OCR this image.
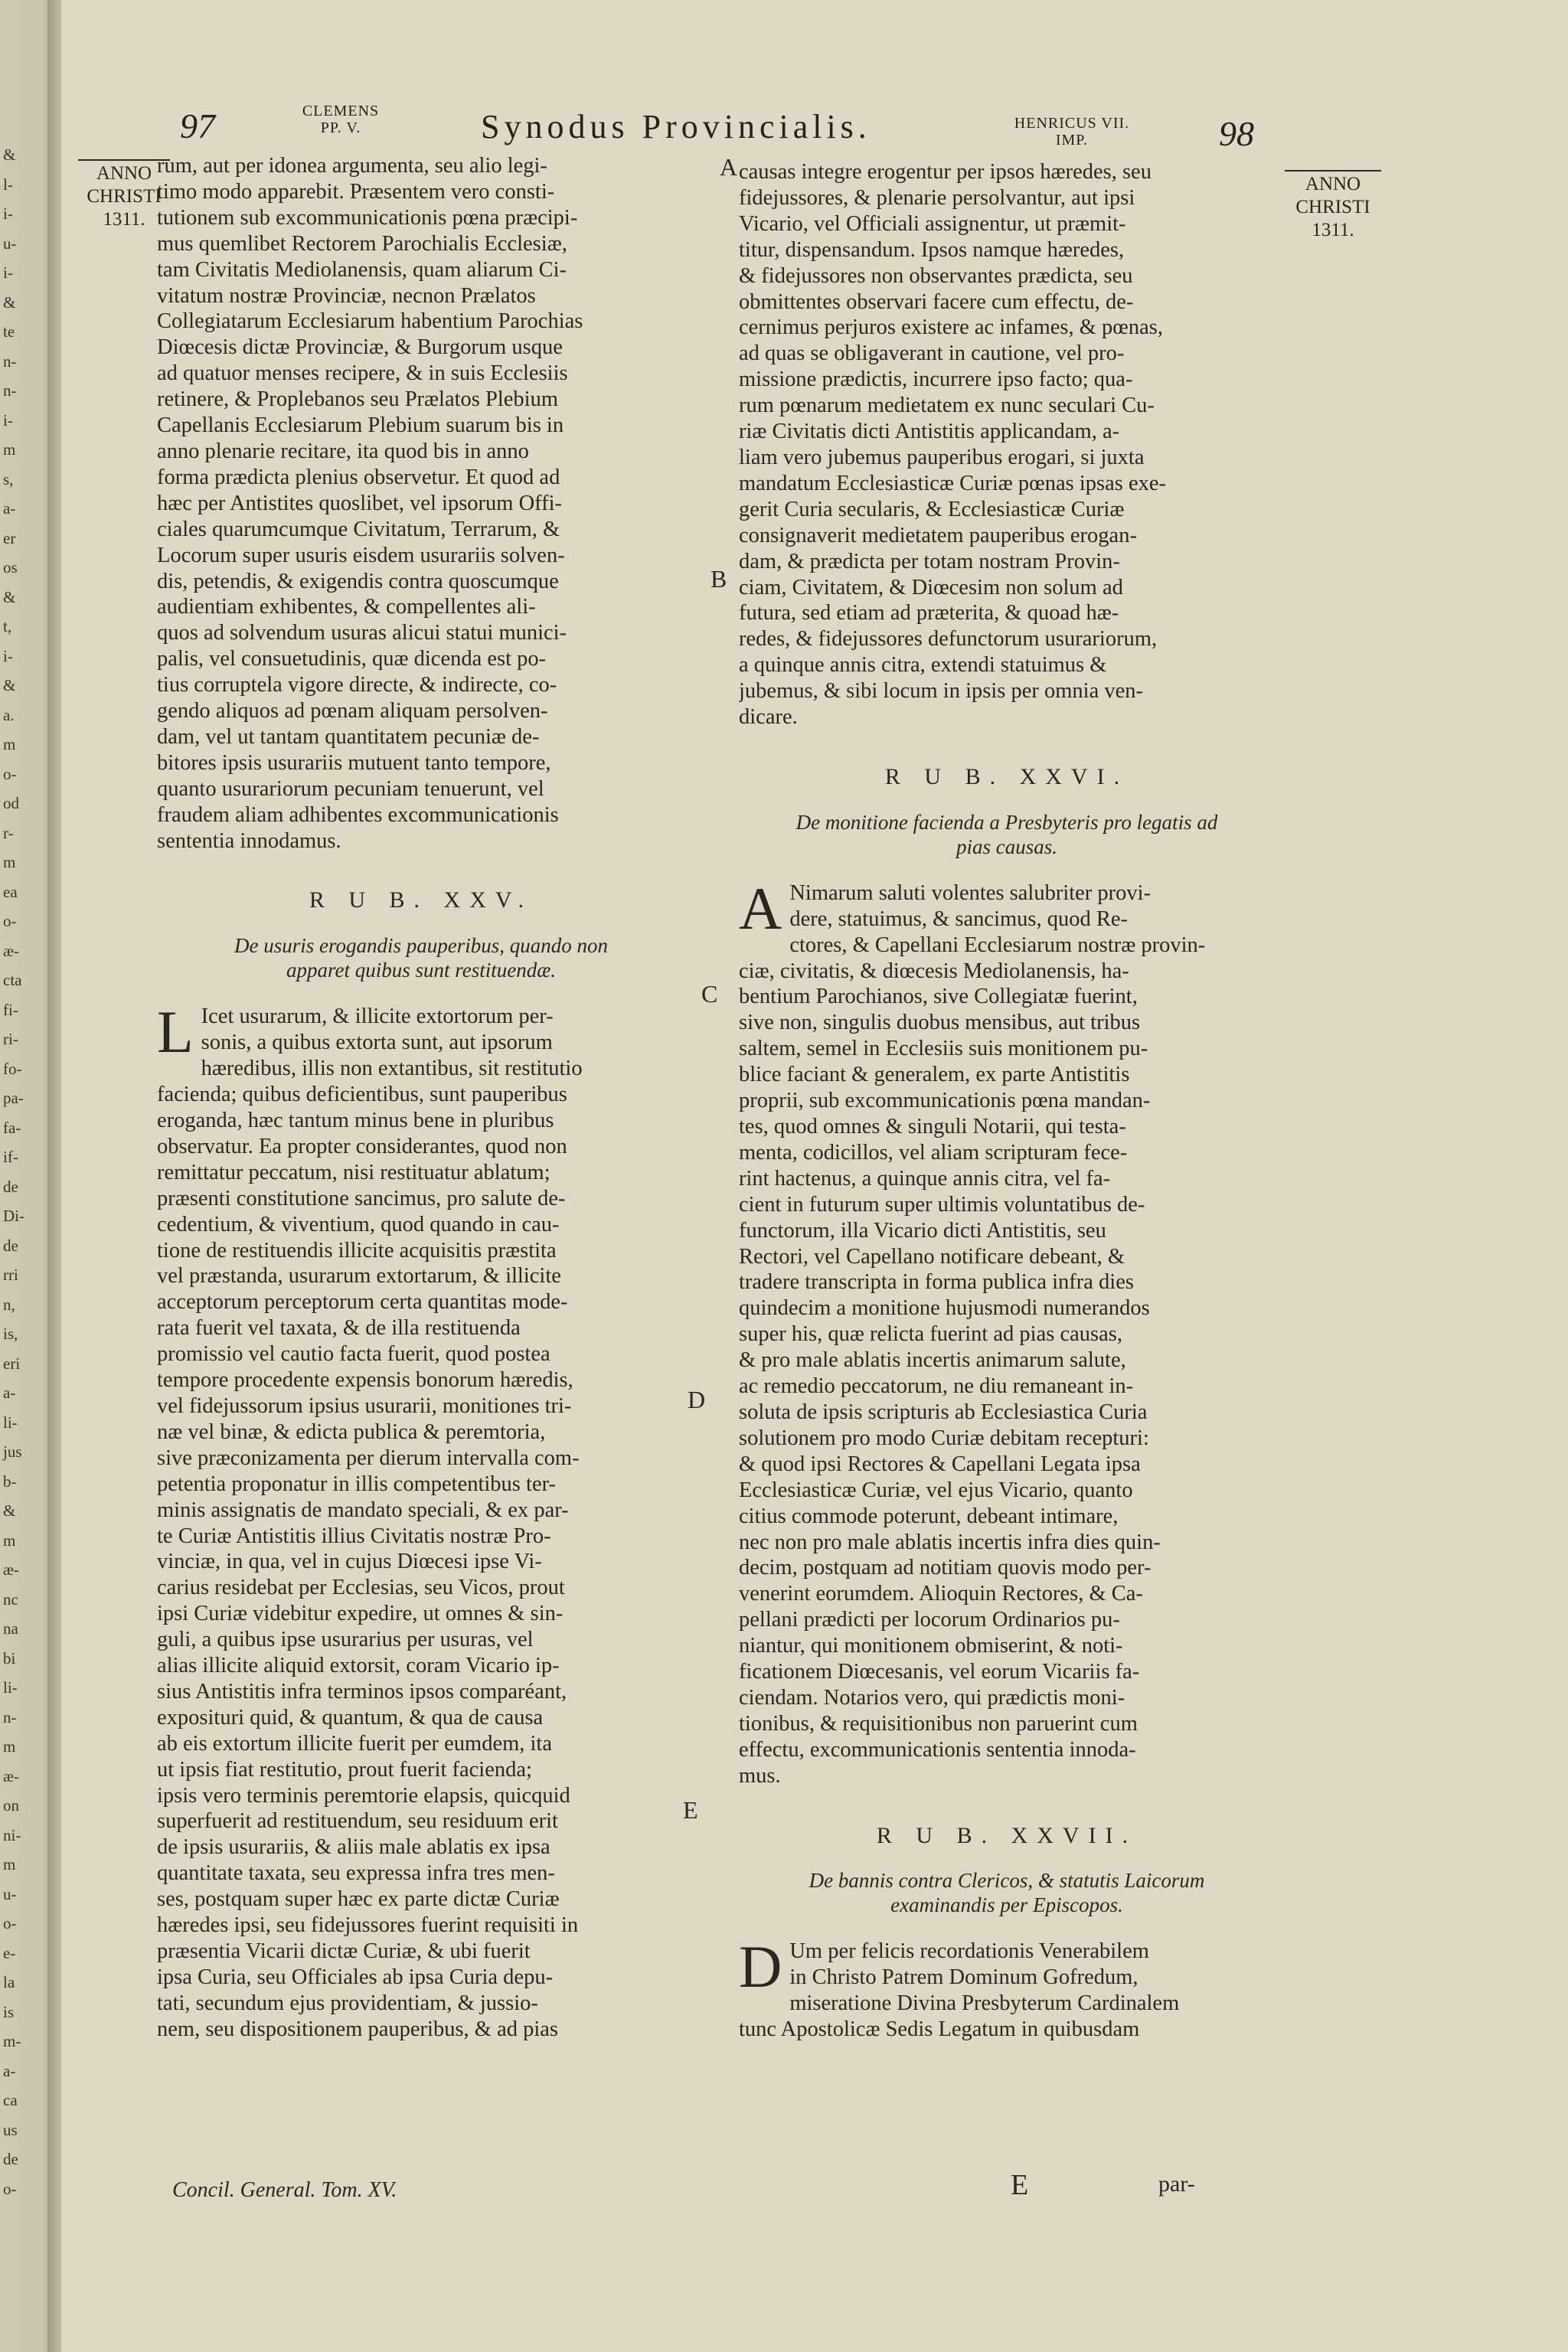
&
l-
i-
u-
i-
&
te
n-
n-
i-
m
s,
a-
er
os
&
t,
i-
&
a.
m
o-
od
r-
m
ea
o-
æ-
cta
fi-
ri-
fo-
pa-
fa-
if-
de
Di-
de
rri
n,
is,
eri
a-
li-
jus
b-
&
m
æ-
nc
na
bi
li-
n-
m
æ-
on
ni-
m
u-
o-
e-
la
is
m-
a-
ca
us
de
o-
97	CLEMENS
PP. V.	Synodus Provincialis.	HENRICUS VII.
IMP.	98
ANNO
CHRISTI
1311.
ANNO
CHRISTI
1311.
A
B
C
D
E
rum, aut per idonea argumenta, seu alio legi-
timo modo apparebit. Præsentem vero consti-
tutionem sub excommunicationis pœna præcipi-
mus quemlibet Rectorem Parochialis Ecclesiæ,
tam Civitatis Mediolanensis, quam aliarum Ci-
vitatum nostræ Provinciæ, necnon Prælatos
Collegiatarum Ecclesiarum habentium Parochias
Diœcesis dictæ Provinciæ, & Burgorum usque
ad quatuor menses recipere, & in suis Ecclesiis
retinere, & Proplebanos seu Prælatos Plebium
Capellanis Ecclesiarum Plebium suarum bis in
anno plenarie recitare, ita quod bis in anno
forma prædicta plenius observetur. Et quod ad
hæc per Antistites quoslibet, vel ipsorum Offi-
ciales quarumcumque Civitatum, Terrarum, &
Locorum super usuris eisdem usurariis solven-
dis, petendis, & exigendis contra quoscumque
audientiam exhibentes, & compellentes ali-
quos ad solvendum usuras alicui statui munici-
palis, vel consuetudinis, quæ dicenda est po-
tius corruptela vigore directe, & indirecte, co-
gendo aliquos ad pœnam aliquam persolven-
dam, vel ut tantam quantitatem pecuniæ de-
bitores ipsis usurariis mutuent tanto tempore,
quanto usurariorum pecuniam tenuerunt, vel
fraudem aliam adhibentes excommunicationis
sententia innodamus.
R U B. XXV.
De usuris erogandis pauperibus, quando non
apparet quibus sunt restituendæ.
L Icet usurarum, & illicite extortorum per-
sonis, a quibus extorta sunt, aut ipsorum
hæredibus, illis non extantibus, sit restitutio
facienda; quibus deficientibus, sunt pauperibus
eroganda, hæc tantum minus bene in pluribus
observatur. Ea propter considerantes, quod non
remittatur peccatum, nisi restituatur ablatum;
præsenti constitutione sancimus, pro salute de-
cedentium, & viventium, quod quando in cau-
tione de restituendis illicite acquisitis præstita
vel præstanda, usurarum extortarum, & illicite
acceptorum perceptorum certa quantitas mode-
rata fuerit vel taxata, & de illa restituenda
promissio vel cautio facta fuerit, quod postea
tempore procedente expensis bonorum hæredis,
vel fidejussorum ipsius usurarii, monitiones tri-
næ vel binæ, & edicta publica & peremtoria,
sive præconizamenta per dierum intervalla com-
petentia proponatur in illis competentibus ter-
minis assignatis de mandato speciali, & ex par-
te Curiæ Antistitis illius Civitatis nostræ Pro-
vinciæ, in qua, vel in cujus Diœcesi ipse Vi-
carius residebat per Ecclesias, seu Vicos, prout
ipsi Curiæ videbitur expedire, ut omnes & sin-
guli, a quibus ipse usurarius per usuras, vel
alias illicite aliquid extorsit, coram Vicario ip-
sius Antistitis infra terminos ipsos comparéant,
expositurі quid, & quantum, & qua de causa
ab eis extortum illicite fuerit per eumdem, ita
ut ipsis fiat restitutio, prout fuerit facienda;
ipsis vero terminis peremtorie elapsis, quicquid
superfuerit ad restituendum, seu residuum erit
de ipsis usurariis, & aliis male ablatis ex ipsa
quantitate taxata, seu expressa infra tres men-
ses, postquam super hæc ex parte dictæ Curiæ
hæredes ipsi, seu fidejussores fuerint requisiti in
præsentia Vicarii dictæ Curiæ, & ubi fuerit
ipsa Curia, seu Officiales ab ipsa Curia depu-
tati, secundum ejus providentiam, & jussio-
nem, seu dispositionem pauperibus, & ad pias
Concil. General. Tom. XV.
causas integre erogentur per ipsos hæredes, seu
fidejussores, & plenarie persolvantur, aut ipsi
Vicario, vel Officiali assignentur, ut præmit-
titur, dispensandum. Ipsos namque hæredes,
& fidejussores non observantes prædicta, seu
obmittentes observari facere cum effectu, de-
cernimus perjuros existere ac infames, & pœnas,
ad quas se obligaverant in cautione, vel pro-
missione prædictis, incurrere ipso facto; qua-
rum pœnarum medietatem ex nunc seculari Cu-
riæ Civitatis dicti Antistitis applicandam, a-
liam vero jubemus pauperibus erogari, si juxta
mandatum Ecclesiasticæ Curiæ pœnas ipsas exe-
gerit Curia secularis, & Ecclesiasticæ Curiæ
consignaverit medietatem pauperibus erogan-
dam, & prædicta per totam nostram Provin-
ciam, Civitatem, & Diœcesim non solum ad
futura, sed etiam ad præterita, & quoad hæ-
redes, & fidejussores defunctorum usurariorum,
a quinque annis citra, extendi statuimus &
jubemus, & sibi locum in ipsis per omnia ven-
dicare.
R U B. XXVI.
De monitione facienda a Presbyteris pro legatis ad
pias causas.
A Nimarum saluti volentes salubriter provi-
dere, statuimus, & sancimus, quod Re-
ctores, & Capellani Ecclesiarum nostræ provin-
ciæ, civitatis, & diœcesis Mediolanensis, ha-
bentium Parochianos, sive Collegiatæ fuerint,
sive non, singulis duobus mensibus, aut tribus
saltem, semel in Ecclesiis suis monitionem pu-
blice faciant & generalem, ex parte Antistitis
proprii, sub excommunicationis pœna mandan-
tes, quod omnes & singuli Notarii, qui testa-
menta, codicillos, vel aliam scripturam fece-
rint hactenus, a quinque annis citra, vel fa-
cient in futurum super ultimis voluntatibus de-
functorum, illa Vicario dicti Antistitis, seu
Rectori, vel Capellano notificare debeant, &
tradere transcripta in forma publica infra dies
quindecim a monitione hujusmodi numerandos
super his, quæ relicta fuerint ad pias causas,
& pro male ablatis incertis animarum salute,
ac remedio peccatorum, ne diu remaneant in-
soluta de ipsis scripturis ab Ecclesiastica Curia
solutionem pro modo Curiæ debitam recepturi:
& quod ipsi Rectores & Capellani Legata ipsa
Ecclesiasticæ Curiæ, vel ejus Vicario, quanto
citius commode poterunt, debeant intimare,
nec non pro male ablatis incertis infra dies quin-
decim, postquam ad notitiam quovis modo per-
venerint eorumdem. Alioquin Rectores, & Ca-
pellani prædicti per locorum Ordinarios pu-
niantur, qui monitionem obmiserint, & noti-
ficationem Diœcesanis, vel eorum Vicariis fa-
ciendam. Notarios vero, qui prædictis moni-
tionibus, & requisitionibus non paruerint cum
effectu, excommunicationis sententia innoda-
mus.
R U B. XXVII.
De bannis contra Clericos, & statutis Laicorum
examinandis per Episcopos.
D Um per felicis recordationis Venerabilem
in Christo Patrem Dominum Gofredum,
miseratione Divina Presbyterum Cardinalem
tunc Apostolicæ Sedis Legatum in quibusdam
E	par-
